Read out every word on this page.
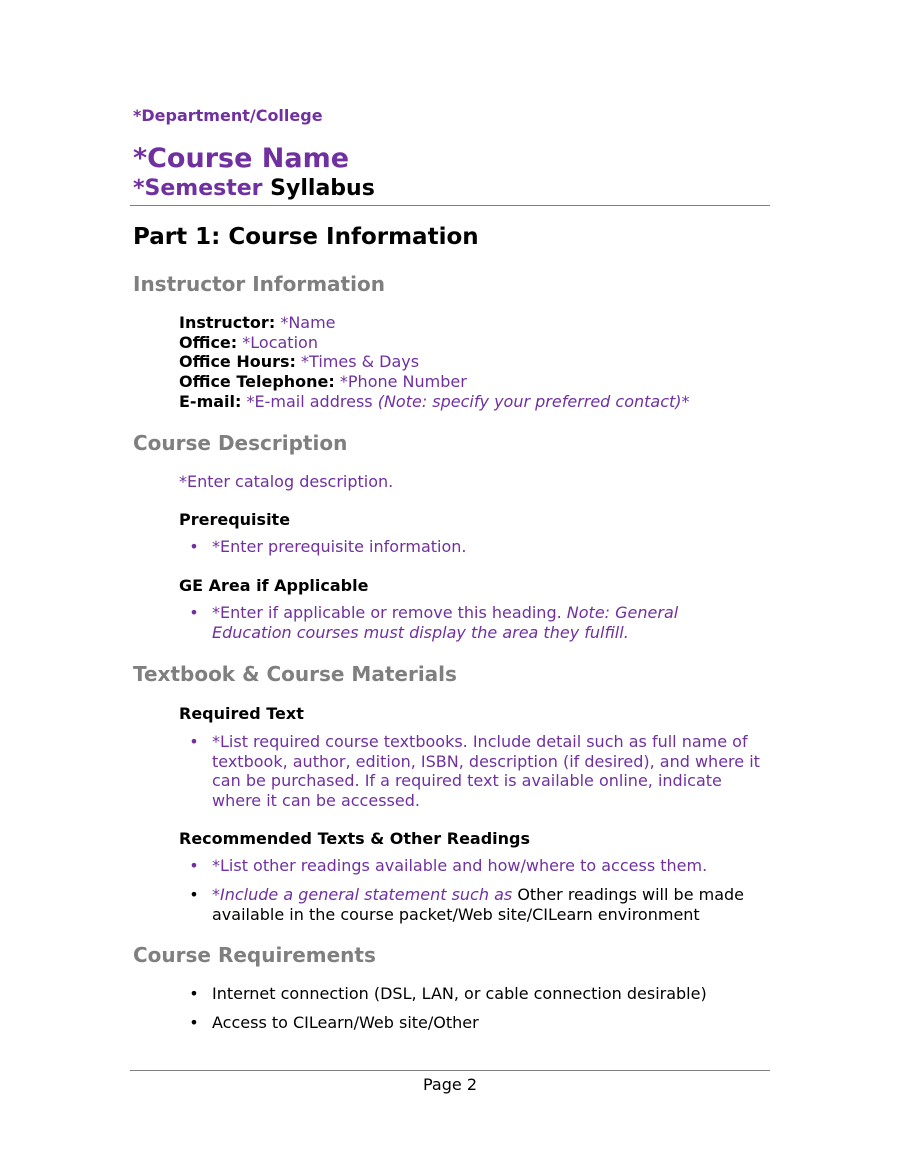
*Department/College
*Course Name
*Semester Syllabus
Part 1: Course Information
Instructor Information
Instructor: *Name
Office: *Location
Office Hours: *Times & Days
Office Telephone: *Phone Number
E-mail: *E-mail address (Note: specify your preferred contact)*
Course Description
*Enter catalog description.
Prerequisite
• *Enter prerequisite information.
GE Area if Applicable
• *Enter if applicable or remove this heading. Note: General Education courses must display the area they fulfill.
Textbook & Course Materials
Required Text
• *List required course textbooks. Include detail such as full name of textbook, author, edition, ISBN, description (if desired), and where it can be purchased. If a required text is available online, indicate where it can be accessed.
Recommended Texts & Other Readings
• *List other readings available and how/where to access them.
• *Include a general statement such as Other readings will be made available in the course packet/Web site/CILearn environment
Course Requirements
• Internet connection (DSL, LAN, or cable connection desirable)
• Access to CILearn/Web site/Other
Page 2
